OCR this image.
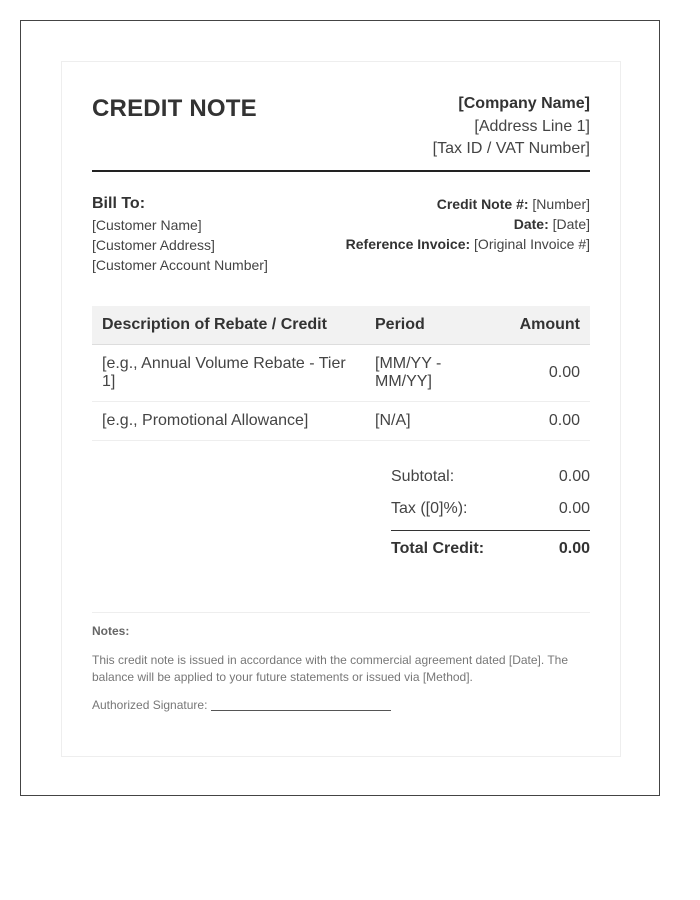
CREDIT NOTE	[Company Name]
[Address Line 1]
[Tax ID / VAT Number]
Bill To:
[Customer Name]
[Customer Address]
[Customer Account Number]
Credit Note #: [Number]
Date: [Date]
Reference Invoice: [Original Invoice #]
Description of Rebate / Credit	Period	Amount
[e.g., Annual Volume Rebate - Tier 1]	[MM/YY - MM/YY]	0.00
[e.g., Promotional Allowance]	[N/A]	0.00
Subtotal:	0.00
Tax ([0]%):	0.00
Total Credit:	0.00
Notes:
This credit note is issued in accordance with the commercial agreement dated [Date]. The balance will be applied to your future statements or issued via [Method].
Authorized Signature:
